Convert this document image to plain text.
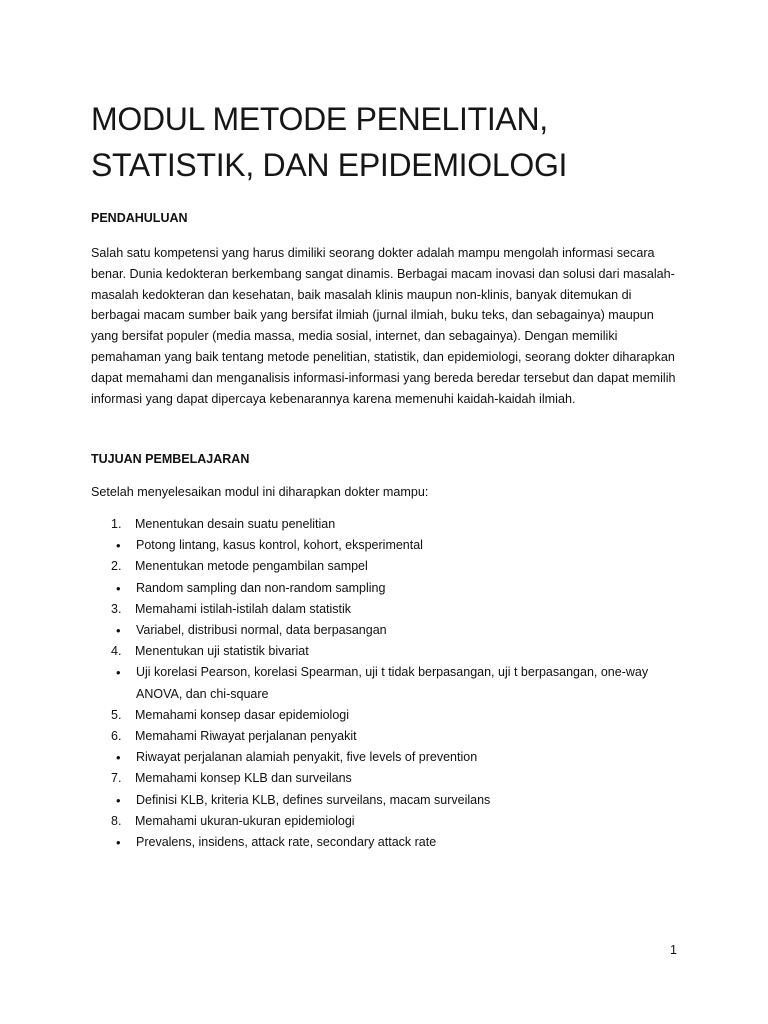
MODUL METODE PENELITIAN, STATISTIK, DAN EPIDEMIOLOGI
PENDAHULUAN

Salah satu kompetensi yang harus dimiliki seorang dokter adalah mampu mengolah informasi secara benar. Dunia kedokteran berkembang sangat dinamis. Berbagai macam inovasi dan solusi dari masalah-masalah kedokteran dan kesehatan, baik masalah klinis maupun non-klinis, banyak ditemukan di berbagai macam sumber baik yang bersifat ilmiah (jurnal ilmiah, buku teks, dan sebagainya) maupun yang bersifat populer (media massa, media sosial, internet, dan sebagainya). Dengan memiliki pemahaman yang baik tentang metode penelitian, statistik, dan epidemiologi, seorang dokter diharapkan dapat memahami dan menganalisis informasi-informasi yang bereda beredar tersebut dan dapat memilih informasi yang dapat dipercaya kebenarannya karena memenuhi kaidah-kaidah ilmiah.

TUJUAN PEMBELAJARAN

Setelah menyelesaikan modul ini diharapkan dokter mampu:

1. Menentukan desain suatu penelitian
• Potong lintang, kasus kontrol, kohort, eksperimental
2. Menentukan metode pengambilan sampel
• Random sampling dan non-random sampling
3. Memahami istilah-istilah dalam statistik
• Variabel, distribusi normal, data berpasangan
4. Menentukan uji statistik bivariat
• Uji korelasi Pearson, korelasi Spearman, uji t tidak berpasangan, uji t berpasangan, one-way ANOVA, dan chi-square
5. Memahami konsep dasar epidemiologi
6. Memahami Riwayat perjalanan penyakit
• Riwayat perjalanan alamiah penyakit, five levels of prevention
7. Memahami konsep KLB dan surveilans
• Definisi KLB, kriteria KLB, defines surveilans, macam surveilans
8. Memahami ukuran-ukuran epidemiologi
• Prevalens, insidens, attack rate, secondary attack rate
1
